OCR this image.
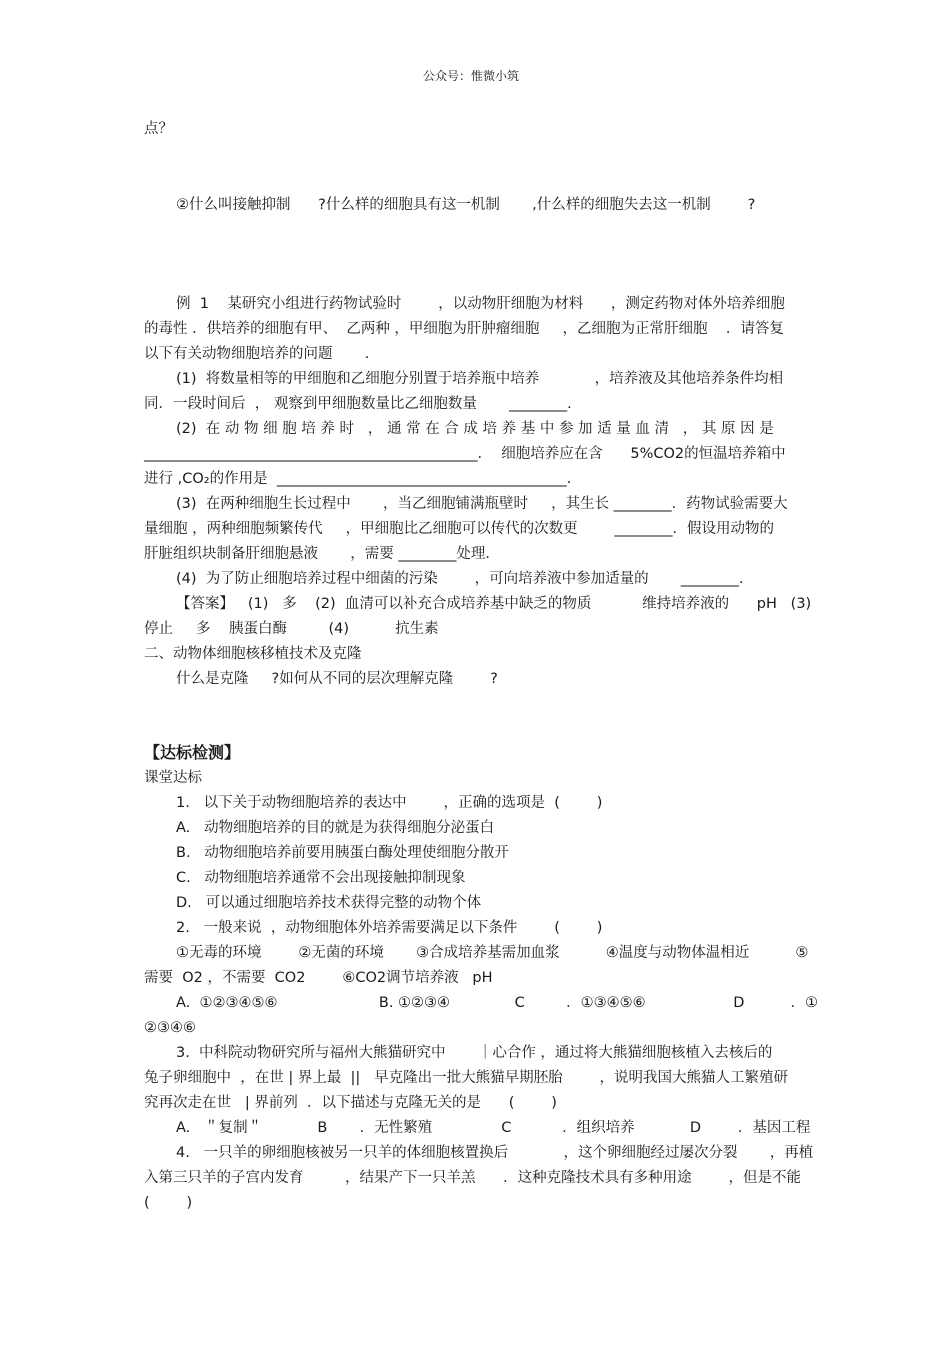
公众号：惟微小筑
点？
②什么叫接触抑制      ?什么样的细胞具有这一机制       ,什么样的细胞失去这一机制        ?
例  1    某研究小组进行药物试验时        ，以动物肝细胞为材料      ，测定药物对体外培养细胞
的毒性 ．供培养的细胞有甲、  乙两种 ，甲细胞为肝肿瘤细胞     ，乙细胞为正常肝细胞    ．请答复
以下有关动物细胞培养的问题       .
(1)  将数量相等的甲细胞和乙细胞分别置于培养瓶中培养            ，培养液及其他培养条件均相
同．一段时间后  ， 观察到甲细胞数量比乙细胞数量       ________.
(2)  在 动 物 细 胞 培 养 时   ， 通 常 在 合 成 培 养 基 中 参 加 适 量 血 清   ， 其 原 因 是
______________________________________________．  细胞培养应在含      5%CO2的恒温培养箱中
进行 ,CO₂的作用是  ________________________________________.
(3)  在两种细胞生长过程中       ，当乙细胞铺满瓶壁时     ，其生长 ________．药物试验需要大
量细胞 ，两种细胞频繁传代     ，甲细胞比乙细胞可以传代的次数更        ________．假设用动物的
肝脏组织块制备肝细胞悬液       ，需要 ________处理．
(4)  为了防止细胞培养过程中细菌的污染        ，可向培养液中参加适量的       ________.
【答案】   (1)   多    (2)  血清可以补充合成培养基中缺乏的物质           维持培养液的      pH   (3)
停止     多    胰蛋白酶         (4)          抗生素
二、动物体细胞核移植技术及克隆
什么是克隆     ?如何从不同的层次理解克隆        ?
【达标检测】
课堂达标
1.   以下关于动物细胞培养的表达中        ，正确的选项是  (        )
A.   动物细胞培养的目的就是为获得细胞分泌蛋白
B.   动物细胞培养前要用胰蛋白酶处理使细胞分散开
C.   动物细胞培养通常不会出现接触抑制现象
D.   可以通过细胞培养技术获得完整的动物个体
2.   一般来说  ，动物细胞体外培养需要满足以下条件        (        )
①无毒的环境        ②无菌的环境       ③合成培养基需加血浆          ④温度与动物体温相近          ⑤
需要  O2 ，不需要  CO2        ⑥CO2调节培养液   pH
A.  ①②③④⑤⑥                      B. ①②③④              C         ．①③④⑤⑥                   D          ．①
②③④⑥
3.  中科院动物研究所与福州大熊猫研究中       ｜心合作 ，通过将大熊猫细胞核植入去核后的
兔子卵细胞中  ，在世 | 界上最  ||   早克隆出一批大熊猫早期胚胎        ，说明我国大熊猫人工繁殖研
究再次走在世   | 界前列  ．以下描述与克隆无关的是      (        )
A.   ＂复制＂            B       ．无性繁殖               C           ．组织培养            D        ．基因工程
4.   一只羊的卵细胞核被另一只羊的体细胞核置换后            ，这个卵细胞经过屡次分裂       ，再植
入第三只羊的子宫内发育         ，结果产下一只羊羔      ．这种克隆技术具有多种用途        ，但是不能
(        )
